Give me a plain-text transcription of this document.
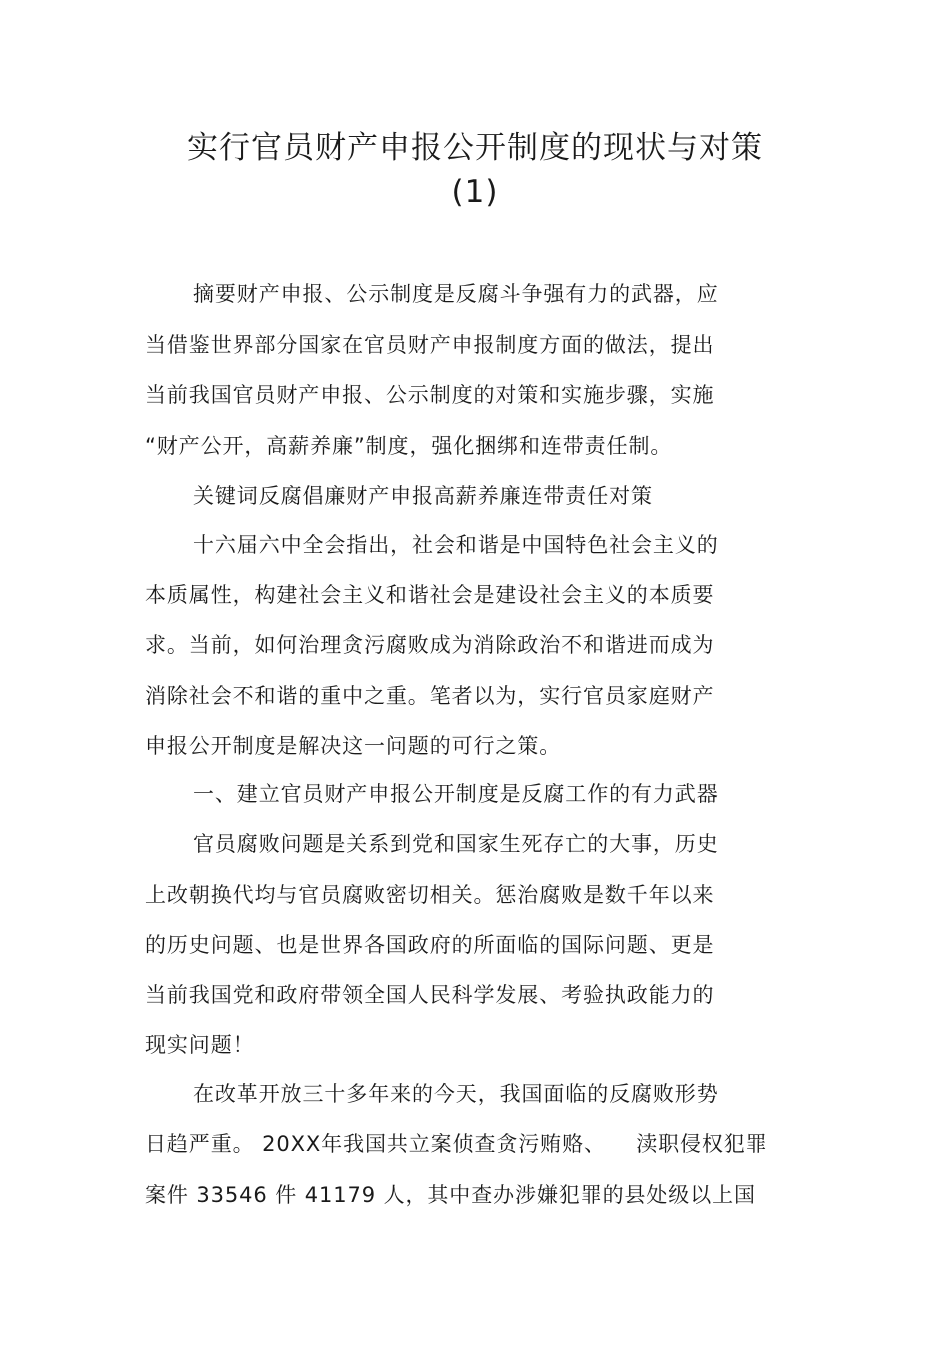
实行官员财产申报公开制度的现状与对策
(1)
摘要财产申报、公示制度是反腐斗争强有力的武器，应
当借鉴世界部分国家在官员财产申报制度方面的做法，提出
当前我国官员财产申报、公示制度的对策和实施步骤，实施
“财产公开，高薪养廉”制度，强化捆绑和连带责任制。
关键词反腐倡廉财产申报高薪养廉连带责任对策
十六届六中全会指出，社会和谐是中国特色社会主义的
本质属性，构建社会主义和谐社会是建设社会主义的本质要
求。当前，如何治理贪污腐败成为消除政治不和谐进而成为
消除社会不和谐的重中之重。笔者以为，实行官员家庭财产
申报公开制度是解决这一问题的可行之策。
一、建立官员财产申报公开制度是反腐工作的有力武器
官员腐败问题是关系到党和国家生死存亡的大事，历史
上改朝换代均与官员腐败密切相关。惩治腐败是数千年以来
的历史问题、也是世界各国政府的所面临的国际问题、更是
当前我国党和政府带领全国人民科学发展、考验执政能力的
现实问题！
在改革开放三十多年来的今天，我国面临的反腐败形势
日趋严重。 20XX年我国共立案侦查贪污贿赂、    渎职侵权犯罪
案件 33546 件 41179 人，其中查办涉嫌犯罪的县处级以上国
